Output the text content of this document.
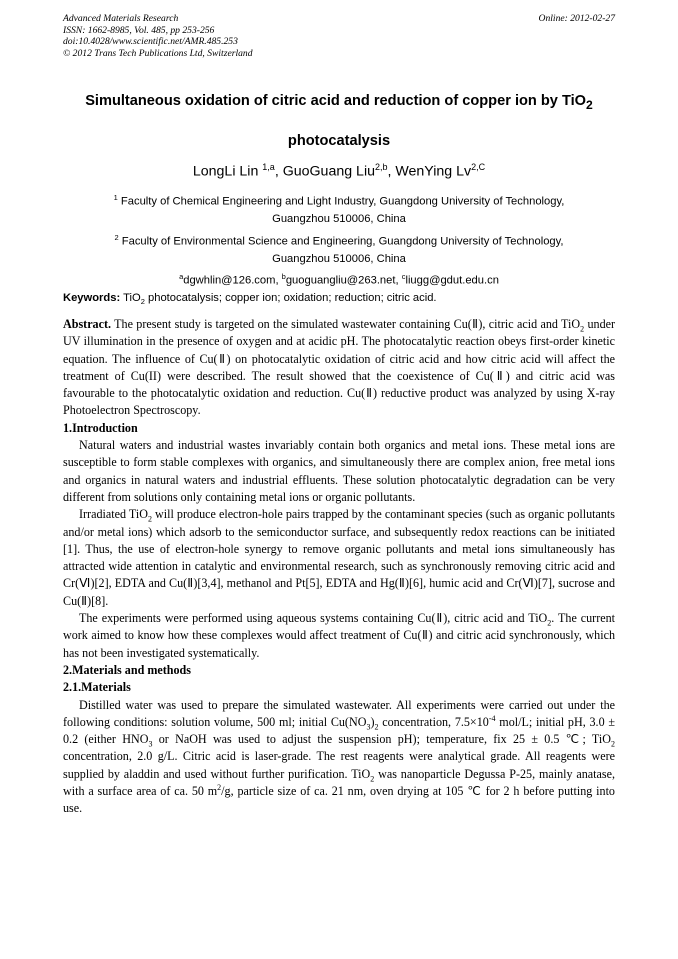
Advanced Materials Research
ISSN: 1662-8985, Vol. 485, pp 253-256
doi:10.4028/www.scientific.net/AMR.485.253
© 2012 Trans Tech Publications Ltd, Switzerland
Online: 2012-02-27
Simultaneous oxidation of citric acid and reduction of copper ion by TiO$_2$
photocatalysis
LongLi Lin $^{1,a}$, GuoGuang Liu$^{2,b}$, WenYing $Lv^{2,C}$
$^1$ Faculty of Chemical Engineering and Light Industry, Guangdong University of Technology,
Guangzhou 510006, China
$^2$ Faculty of Environmental Science and Engineering, Guangdong University of Technology,
Guangzhou 510006, China
$^a$dgwhlin@126.com, $^b$guoguangliu@263.net, $^c$liugg@gdut.edu.cn
Keywords: TiO$_2$ photocatalysis; copper ion; oxidation; reduction; citric acid.

Abstract. The present study is targeted on the simulated wastewater containing Cu(Ⅱ), citric acid and TiO$_2$ under UV illumination in the presence of oxygen and at acidic pH. The photocatalytic reaction obeys first-order kinetic equation. The influence of Cu(Ⅱ) on photocatalytic oxidation of citric acid and how citric acid will affect the treatment of Cu(II) were described. The result showed that the coexistence of Cu(Ⅱ) and citric acid was favourable to the photocatalytic oxidation and reduction. Cu(Ⅱ) reductive product was analyzed by using X-ray Photoelectron Spectroscopy.

1.Introduction

Natural waters and industrial wastes invariably contain both organics and metal ions. These metal ions are susceptible to form stable complexes with organics, and simultaneously there are complex anion, free metal ions and organics in natural waters and industrial effluents. These solution photocatalytic degradation can be very different from solutions only containing metal ions or organic pollutants.

Irradiated TiO$_2$ will produce electron-hole pairs trapped by the contaminant species (such as organic pollutants and/or metal ions) which adsorb to the semiconductor surface, and subsequently redox reactions can be initiated [1]. Thus, the use of electron-hole synergy to remove organic pollutants and metal ions simultaneously has attracted wide attention in catalytic and environmental research, such as synchronously removing citric acid and Cr(Ⅵ)[2], EDTA and Cu(Ⅱ)[3,4], methanol and Pt[5], EDTA and Hg(Ⅱ)[6], humic acid and Cr(Ⅵ)[7], sucrose and Cu(Ⅱ)[8].

The experiments were performed using aqueous systems containing Cu(Ⅱ), citric acid and TiO$_2$. The current work aimed to know how these complexes would affect treatment of Cu(Ⅱ) and citric acid synchronously, which has not been investigated systematically.

2.Materials and methods

2.1.Materials

Distilled water was used to prepare the simulated wastewater. All experiments were carried out under the following conditions: solution volume, 500 ml; initial $Cu(NO_3)_2$ concentration, $7.5\times 10^{-4}$ mol/L; initial pH, 3.0 ± 0.2 (either $HNO_3$ or NaOH was used to adjust the suspension pH); temperature, fix 25 ± 0.5 ℃; TiO$_2$ concentration, 2.0 g/L. Citric acid is laser-grade. The rest reagents were analytical grade. All reagents were supplied by aladdin and used without further purification. TiO$_2$ was nanoparticle Degussa P-25, mainly anatase, with a surface area of ca. 50 $m^2/g$, particle size of ca. 21 nm, oven drying at 105 ℃ for 2 h before putting into use.
